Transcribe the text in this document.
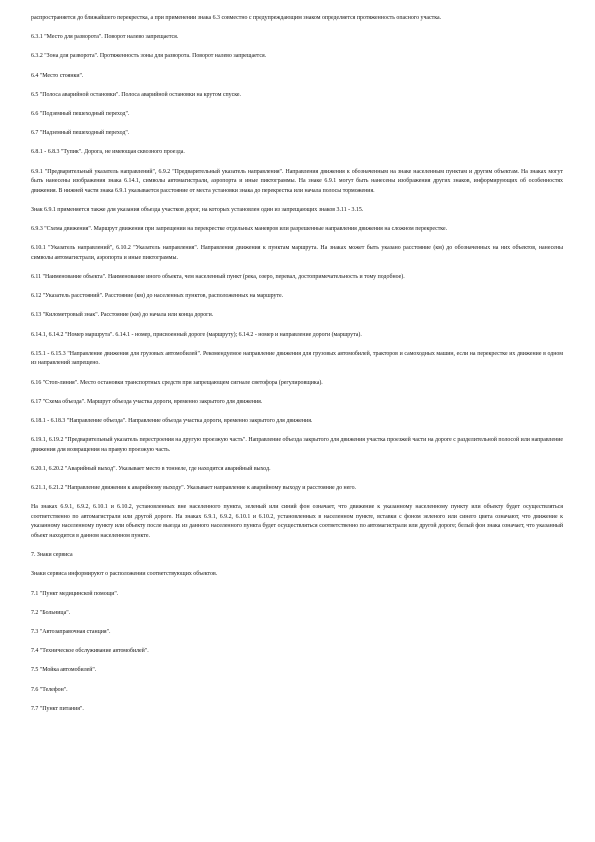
распространяется до ближайшего перекрестка, а при применении знака 6.3 совместно с предупреждающим знаком определяется протяженность опасного участка.

6.3.1 "Место для разворота". Поворот налево запрещается.

6.3.2 "Зона для разворота". Протяженность зоны для разворота. Поворот налево запрещается.

6.4 "Место стоянки".

6.5 "Полоса аварийной остановки". Полоса аварийной остановки на крутом спуске.

6.6 "Подземный пешеходный переход".

6.7 "Надземный пешеходный переход".

6.8.1 - 6.8.3 "Тупик". Дорога, не имеющая сквозного проезда.

6.9.1 "Предварительный указатель направлений", 6.9.2 "Предварительный указатель направления". Направления движения к обозначенным на знаке населенным пунктам и другим объектам. На знаках могут быть нанесены изображения знака 6.14.1, символы автомагистрали, аэропорта и иные пиктограммы. На знаке 6.9.1 могут быть нанесены изображения других знаков, информирующих об особенностях движения. В нижней части знака 6.9.1 указывается расстояние от места установки знака до перекрестка или начала полосы торможения.

Знак 6.9.1 применяется также для указания объезда участков дорог, на которых установлен один из запрещающих знаков 3.11 - 3.15.

6.9.3 "Схема движения". Маршрут движения при запрещении на перекрестке отдельных маневров или разрешенные направления движения на сложном перекрестке.

6.10.1 "Указатель направлений", 6.10.2 "Указатель направления". Направления движения к пунктам маршрута. На знаках может быть указано расстояние (км) до обозначенных на них объектов, нанесены символы автомагистрали, аэропорта и иные пиктограммы.

6.11 "Наименование объекта". Наименование иного объекта, чем населенный пункт (река, озеро, перевал, достопримечательность и тому подобное).

6.12 "Указатель расстояний". Расстояние (км) до населенных пунктов, расположенных на маршруте.

6.13 "Километровый знак". Расстояние (км) до начала или конца дороги.

6.14.1, 6.14.2 "Номер маршрута". 6.14.1 - номер, присвоенный дороге (маршруту); 6.14.2 - номер и направление дороги (маршрута).

6.15.1 - 6.15.3 "Направление движения для грузовых автомобилей". Рекомендуемое направление движения для грузовых автомобилей, тракторов и самоходных машин, если на перекрестке их движение в одном из направлений запрещено.

6.16 "Стоп-линия". Место остановки транспортных средств при запрещающем сигнале светофора (регулировщика).

6.17 "Схема объезда". Маршрут объезда участка дороги, временно закрытого для движения.

6.18.1 - 6.18.3 "Направление объезда". Направление объезда участка дороги, временно закрытого для движения.

6.19.1, 6.19.2 "Предварительный указатель перестроения на другую проезжую часть". Направление объезда закрытого для движения участка проезжей части на дороге с разделительной полосой или направление движения для возвращения на правую проезжую часть.

6.20.1, 6.20.2 "Аварийный выход". Указывает место в тоннеле, где находится аварийный выход.

6.21.1, 6.21.2 "Направление движения к аварийному выходу". Указывает направление к аварийному выходу и расстояние до него.

На знаках 6.9.1, 6.9.2, 6.10.1 и 6.10.2, установленных вне населенного пункта, зеленый или синий фон означает, что движение к указанному населенному пункту или объекту будет осуществляться соответственно по автомагистрали или другой дороге. На знаках 6.9.1, 6.9.2, 6.10.1 и 6.10.2, установленных в населенном пункте, вставки с фоном зеленого или синего цвета означают, что движение к указанному населенному пункту или объекту после выезда из данного населенного пункта будет осуществляться соответственно по автомагистрали или другой дороге; белый фон знака означает, что указанный объект находится в данном населенном пункте.

7. Знаки сервиса

Знаки сервиса информируют о расположении соответствующих объектов.

7.1 "Пункт медицинской помощи".

7.2 "Больница".

7.3 "Автозаправочная станция".

7.4 "Техническое обслуживание автомобилей".

7.5 "Мойка автомобилей".

7.6 "Телефон".

7.7 "Пункт питания".
